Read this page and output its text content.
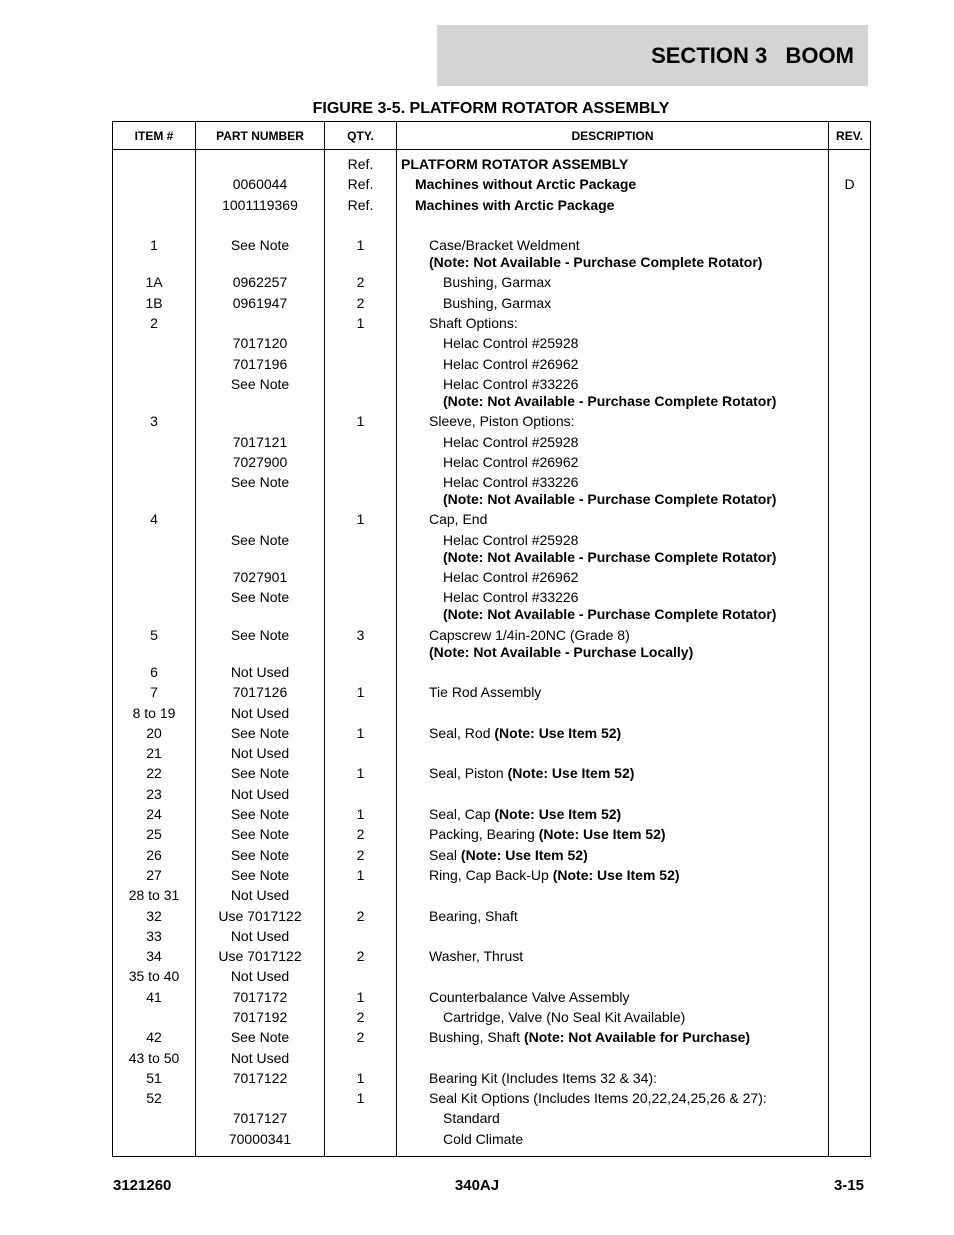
SECTION 3   BOOM
FIGURE 3-5. PLATFORM ROTATOR ASSEMBLY
ITEM #	PART NUMBER	QTY.	DESCRIPTION	REV.

		Ref.	PLATFORM ROTATOR ASSEMBLY	

	0060044	Ref.	Machines without Arctic Package	D
	1001119369	Ref.	Machines with Arctic Package	

1	See Note	1	Case/Bracket Weldment
(Note: Not Available - Purchase Complete Rotator)	

1A	0962257	2	Bushing, Garmax	

1B	0961947	2	Bushing, Garmax	

2		1	Shaft Options:	

	7017120		Helac Control #25928	

	7017196		Helac Control #26962	

	See Note		Helac Control #33226
(Note: Not Available - Purchase Complete Rotator)	

3		1	Sleeve, Piston Options:	

	7017121		Helac Control #25928	

	7027900		Helac Control #26962	

	See Note		Helac Control #33226
(Note: Not Available - Purchase Complete Rotator)	

4		1	Cap, End	

	See Note		Helac Control #25928
(Note: Not Available - Purchase Complete Rotator)	

	7027901		Helac Control #26962	

	See Note		Helac Control #33226
(Note: Not Available - Purchase Complete Rotator)	

5	See Note	3	Capscrew 1/4in-20NC (Grade 8)
(Note: Not Available - Purchase Locally)	

6	Not Used		

7	7017126	1	Tie Rod Assembly	

8 to 19	Not Used		

20	See Note	1	Seal, Rod (Note: Use Item 52)	

21	Not Used		

22	See Note	1	Seal, Piston (Note: Use Item 52)	

23	Not Used		

24	See Note	1	Seal, Cap (Note: Use Item 52)	

25	See Note	2	Packing, Bearing (Note: Use Item 52)	

26	See Note	2	Seal (Note: Use Item 52)	

27	See Note	1	Ring, Cap Back-Up (Note: Use Item 52)	

28 to 31	Not Used		

32	Use 7017122	2	Bearing, Shaft	

33	Not Used		

34	Use 7017122	2	Washer, Thrust	

35 to 40	Not Used		

41	7017172	1	Counterbalance Valve Assembly	

	7017192	2	Cartridge, Valve (No Seal Kit Available)	

42	See Note	2	Bushing, Shaft (Note: Not Available for Purchase)	

43 to 50	Not Used		

51	7017122	1	Bearing Kit (Includes Items 32 & 34):	

52		1	Seal Kit Options (Includes Items 20,22,24,25,26 & 27):	

	7017127		Standard	

	70000341		Cold Climate	

3121260	340AJ	3-15
